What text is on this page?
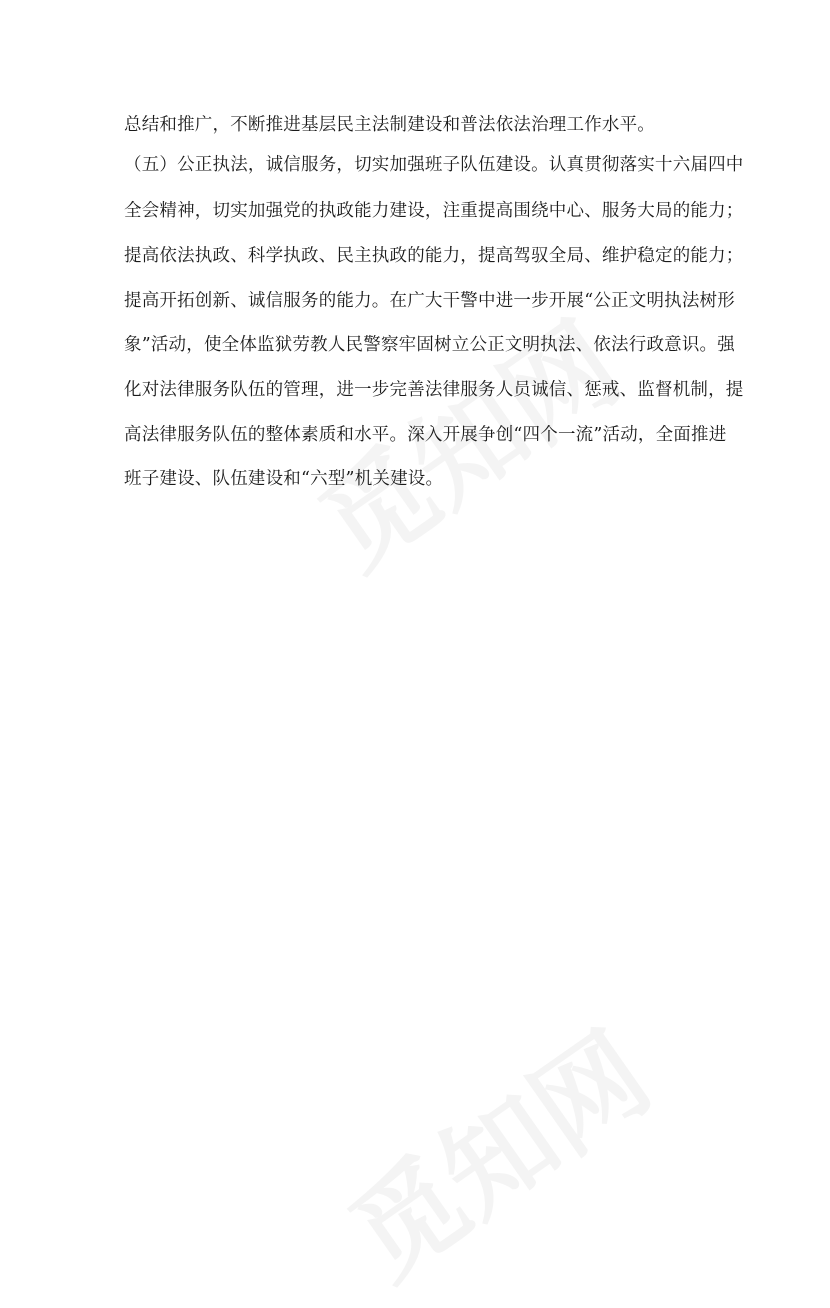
总结和推广，不断推进基层民主法制建设和普法依法治理工作水平。
（五）公正执法，诚信服务，切实加强班子队伍建设。认真贯彻落实十六届四中
全会精神，切实加强党的执政能力建设，注重提高围绕中心、服务大局的能力；
提高依法执政、科学执政、民主执政的能力，提高驾驭全局、维护稳定的能力；
提高开拓创新、诚信服务的能力。在广大干警中进一步开展“公正文明执法树形
象”活动，使全体监狱劳教人民警察牢固树立公正文明执法、依法行政意识。强
化对法律服务队伍的管理，进一步完善法律服务人员诚信、惩戒、监督机制，提
高法律服务队伍的整体素质和水平。深入开展争创“四个一流”活动，全面推进
班子建设、队伍建设和“六型”机关建设。
